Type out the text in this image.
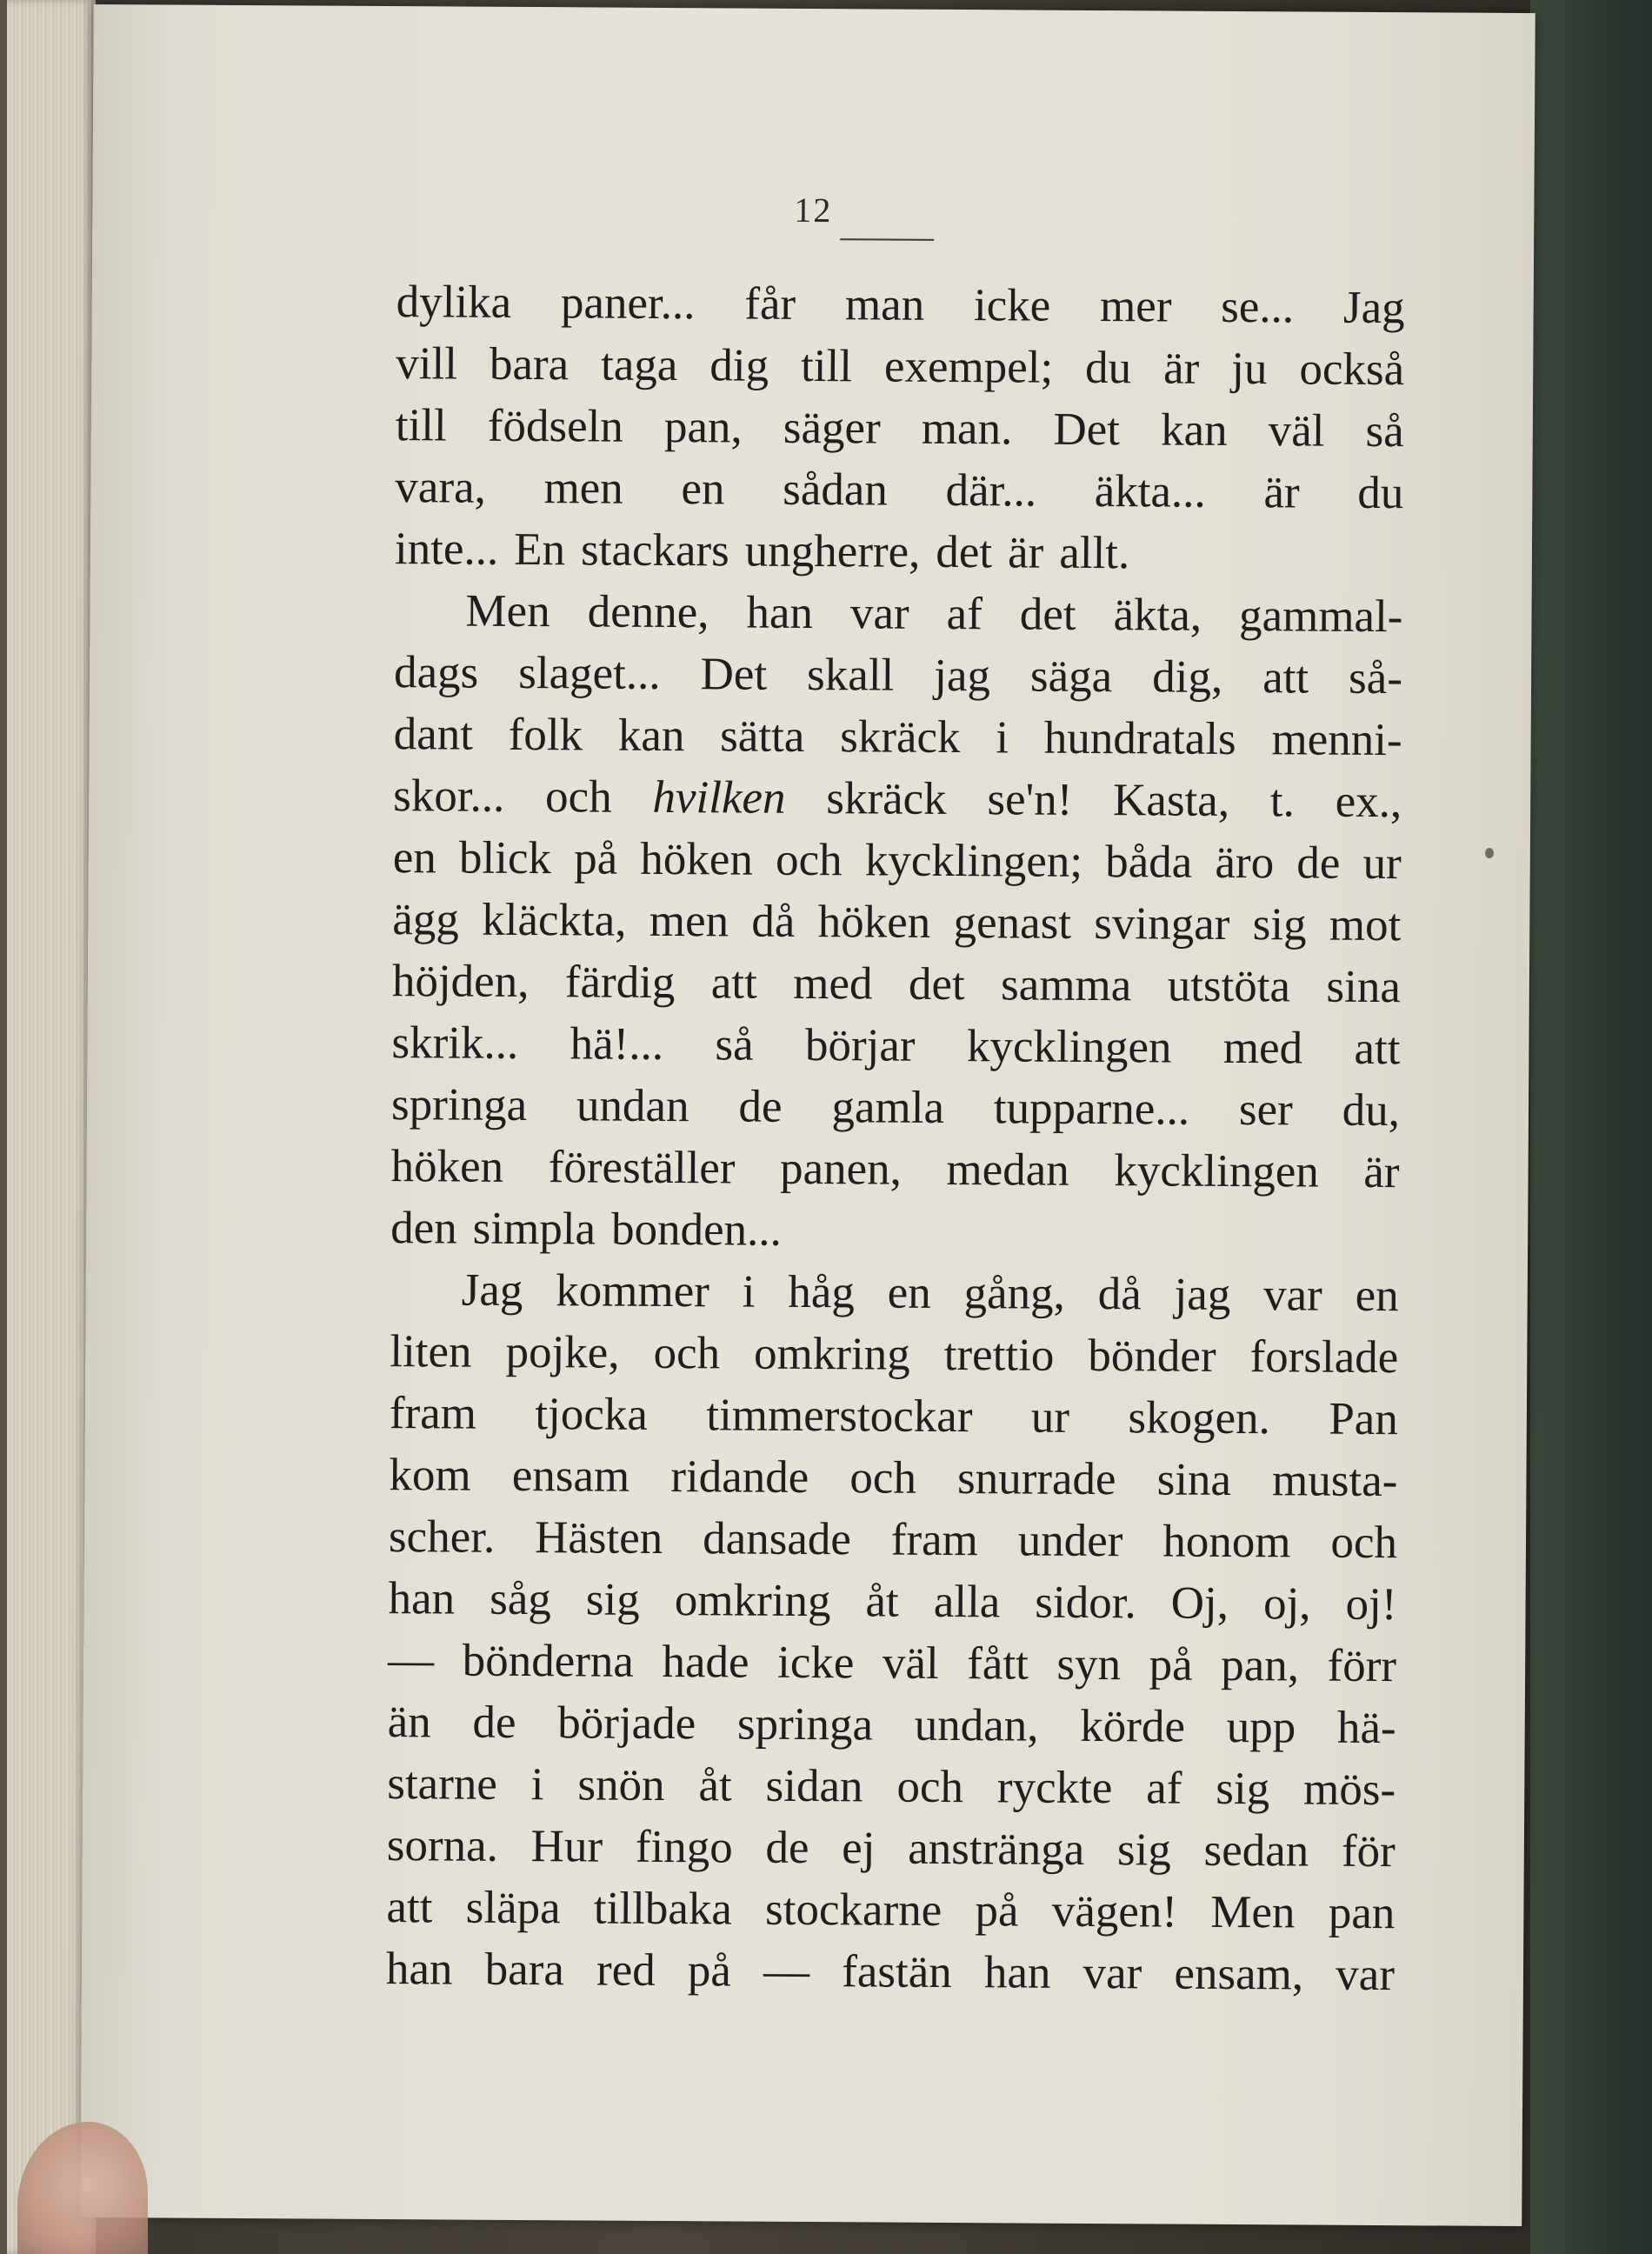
12
dylika paner... får man icke mer se... Jag
vill bara taga dig till exempel; du är ju också
till födseln pan, säger man. Det kan väl så
vara, men en sådan där... äkta... är du
inte... En stackars ungherre, det är allt.
Men denne, han var af det äkta, gammal-
dags slaget... Det skall jag säga dig, att så-
dant folk kan sätta skräck i hundratals menni-
skor... och hvilken skräck se'n! Kasta, t. ex.,
en blick på höken och kycklingen; båda äro de ur
ägg kläckta, men då höken genast svingar sig mot
höjden, färdig att med det samma utstöta sina
skrik... hä!... så börjar kycklingen med att
springa undan de gamla tupparne... ser du,
höken föreställer panen, medan kycklingen är
den simpla bonden...
Jag kommer i håg en gång, då jag var en
liten pojke, och omkring trettio bönder forslade
fram tjocka timmerstockar ur skogen. Pan
kom ensam ridande och snurrade sina musta-
scher. Hästen dansade fram under honom och
han såg sig omkring åt alla sidor. Oj, oj, oj!
— bönderna hade icke väl fått syn på pan, förr
än de började springa undan, körde upp hä-
starne i snön åt sidan och ryckte af sig mös-
sorna. Hur fingo de ej anstränga sig sedan för
att släpa tillbaka stockarne på vägen! Men pan
han bara red på — fastän han var ensam, var
